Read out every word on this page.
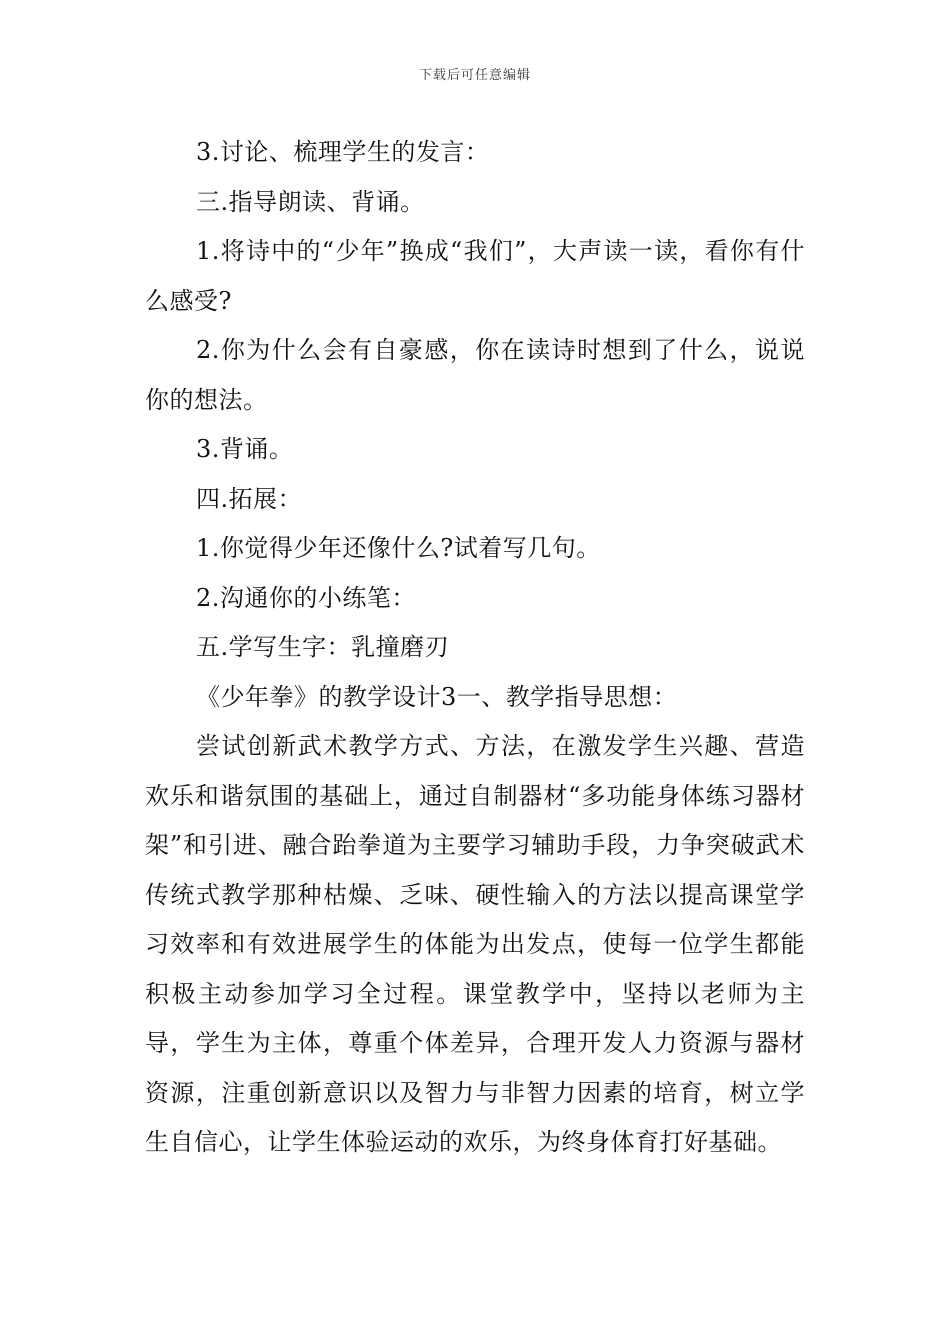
下载后可任意编辑

3.讨论、梳理学生的发言：

三.指导朗读、背诵。

1.将诗中的“少年”换成“我们”，大声读一读，看你有什么感受?

2.你为什么会有自豪感，你在读诗时想到了什么，说说你的想法。

3.背诵。

四.拓展：

1.你觉得少年还像什么?试着写几句。

2.沟通你的小练笔：

五.学写生字：乳撞磨刃

《少年拳》的教学设计3一、教学指导思想：

尝试创新武术教学方式、方法，在激发学生兴趣、营造欢乐和谐氛围的基础上，通过自制器材“多功能身体练习器材架”和引进、融合跆拳道为主要学习辅助手段，力争突破武术传统式教学那种枯燥、乏味、硬性输入的方法以提高课堂学习效率和有效进展学生的体能为出发点，使每一位学生都能积极主动参加学习全过程。课堂教学中，坚持以老师为主导，学生为主体，尊重个体差异，合理开发人力资源与器材资源，注重创新意识以及智力与非智力因素的培育，树立学生自信心，让学生体验运动的欢乐，为终身体育打好基础。
